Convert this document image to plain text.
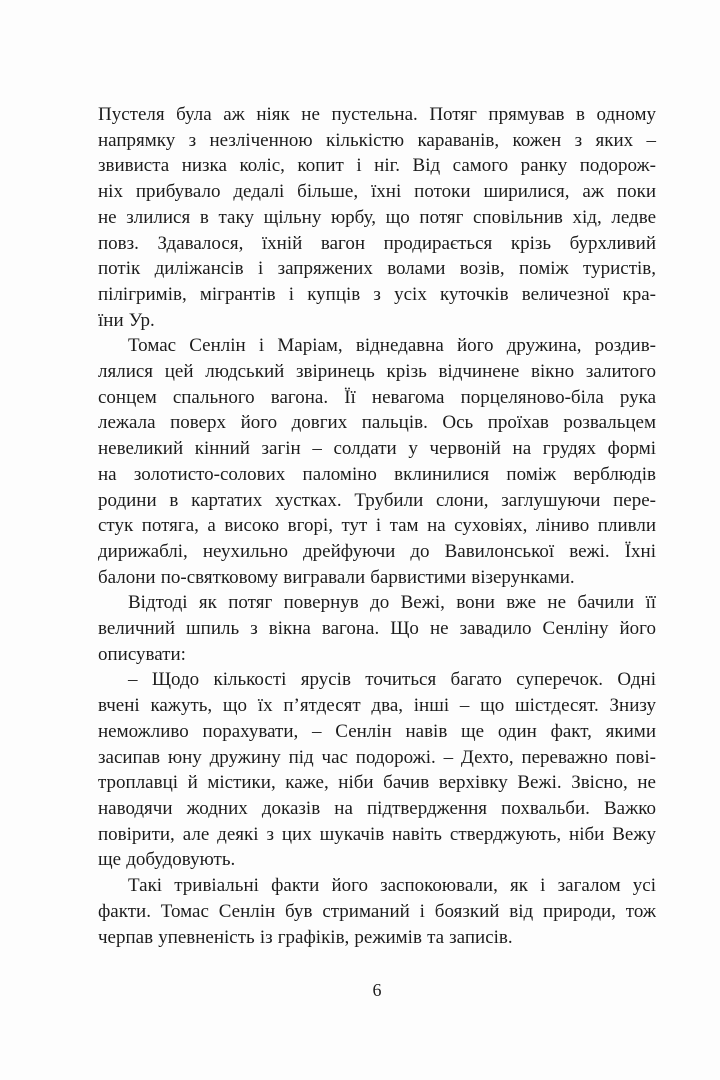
Пустеля була аж ніяк не пустельна. Потяг прямував в одному
напрямку з незліченною кількістю караванів, кожен з яких –
звивиста низка коліс, копит і ніг. Від самого ранку подорож-
ніх прибувало дедалі більше, їхні потоки ширилися, аж поки
не злилися в таку щільну юрбу, що потяг сповільнив хід, ледве
повз. Здавалося, їхній вагон продирається крізь бурхливий
потік диліжансів і запряжених волами возів, поміж туристів,
пілігримів, мігрантів і купців з усіх куточків величезної кра-
їни Ур.
Томас Сенлін і Маріам, віднедавна його дружина, роздив-
лялися цей людський звіринець крізь відчинене вікно залитого
сонцем спального вагона. Її невагома порцеляново-біла рука
лежала поверх його довгих пальців. Ось проїхав розвальцем
невеликий кінний загін – солдати у червоній на грудях формі
на золотисто-солових паломіно вклинилися поміж верблюдів
родини в картатих хустках. Трубили слони, заглушуючи пере-
стук потяга, а високо вгорі, тут і там на суховіях, ліниво пливли
дирижаблі, неухильно дрейфуючи до Вавилонської вежі. Їхні
балони по-святковому вигравали барвистими візерунками.
Відтоді як потяг повернув до Вежі, вони вже не бачили її
величний шпиль з вікна вагона. Що не завадило Сенліну його
описувати:
– Щодо кількості ярусів точиться багато суперечок. Одні
вчені кажуть, що їх п’ятдесят два, інші – що шістдесят. Знизу
неможливо порахувати, – Сенлін навів ще один факт, якими
засипав юну дружину під час подорожі. – Дехто, переважно пові-
троплавці й містики, каже, ніби бачив верхівку Вежі. Звісно, не
наводячи жодних доказів на підтвердження похвальби. Важко
повірити, але деякі з цих шукачів навіть стверджують, ніби Вежу
ще добудовують.
Такі тривіальні факти його заспокоювали, як і загалом усі
факти. Томас Сенлін був стриманий і боязкий від природи, тож
черпав упевненість із графіків, режимів та записів.
6
